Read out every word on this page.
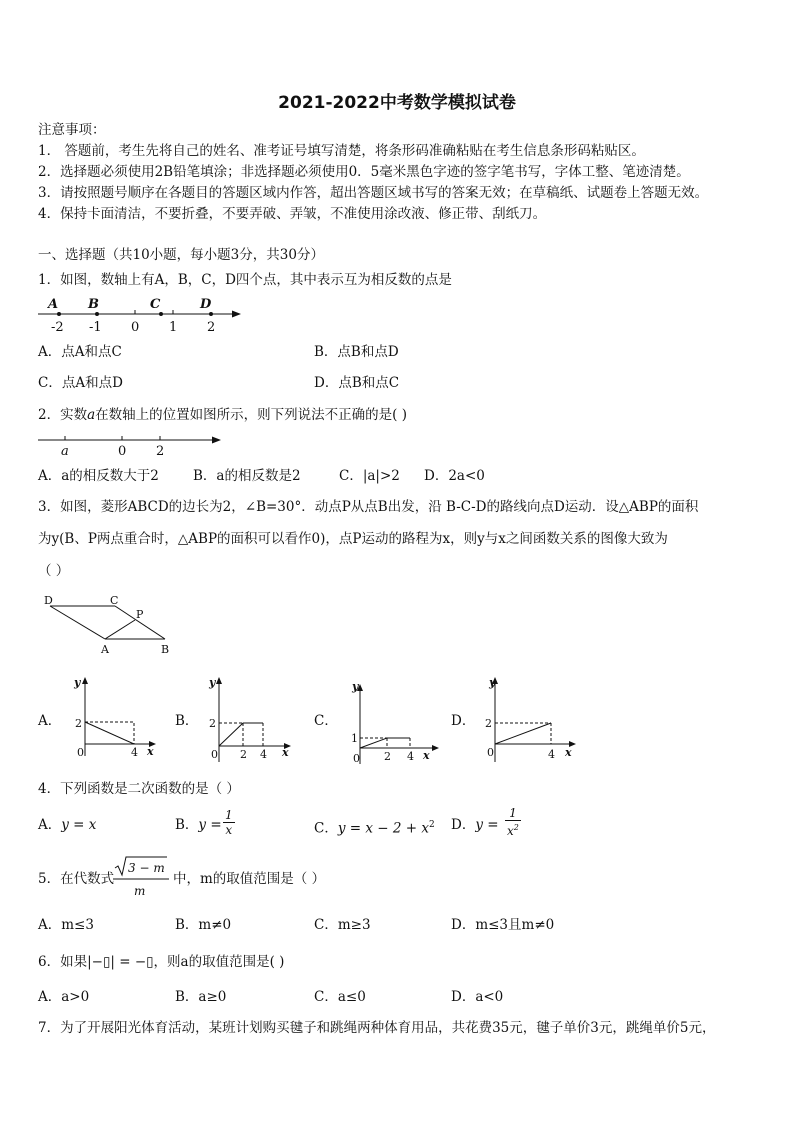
2021-2022中考数学模拟试卷
注意事项：
1． 答题前，考生先将自己的姓名、准考证号填写清楚，将条形码准确粘贴在考生信息条形码粘贴区。
2．选择题必须使用2B铅笔填涂；非选择题必须使用0．5毫米黑色字迹的签字笔书写，字体工整、笔迹清楚。
3．请按照题号顺序在各题目的答题区域内作答，超出答题区域书写的答案无效；在草稿纸、试题卷上答题无效。
4．保持卡面清洁，不要折叠，不要弄破、弄皱，不准使用涂改液、修正带、刮纸刀。
一、选择题（共10小题，每小题3分，共30分）
1．如图，数轴上有A，B，C，D四个点，其中表示互为相反数的点是
A B	C	D
-2 -1 0 1 2
A．点A和点C	B．点B和点D
C．点A和点D	D．点B和点C
2．实数a在数轴上的位置如图所示，则下列说法不正确的是( )
a	0 2
A．a的相反数大于2	B．a的相反数是2	C．|a|>2 D．2a<0
3．如图，菱形ABCD的边长为2，∠B=30°．动点P从点B出发，沿 B-C-D的路线向点D运动．设△ABP的面积
为y(B、P两点重合时，△ABP的面积可以看作0)，点P运动的路程为x，则y与x之间函数关系的图像大致为
（ ）
D	C
P
A	B
A．
y
2
0	4 x
B．
y
2
0 2 4 x
C．
y
1
0 2 4 x
D．
y
2
0	4 x
4．下列函数是二次函数的是（ ）
A．y = x	B．$y = \frac{1}{x}$	C．$y = x - 2 + x^2$ D．$y = \frac{1}{x^2}$
5．在代数式
3 − m
m
中，m的取值范围是（ ）
A．m≤3	B．m≠0	C．m≥3	D．m≤3且m≠0
6．如果|−▯| = −▯，则a的取值范围是( )
A．a>0	B．a≥0	C．a≤0	D．a<0
7．为了开展阳光体育活动，某班计划购买毽子和跳绳两种体育用品，共花费35元，毽子单价3元，跳绳单价5元，
